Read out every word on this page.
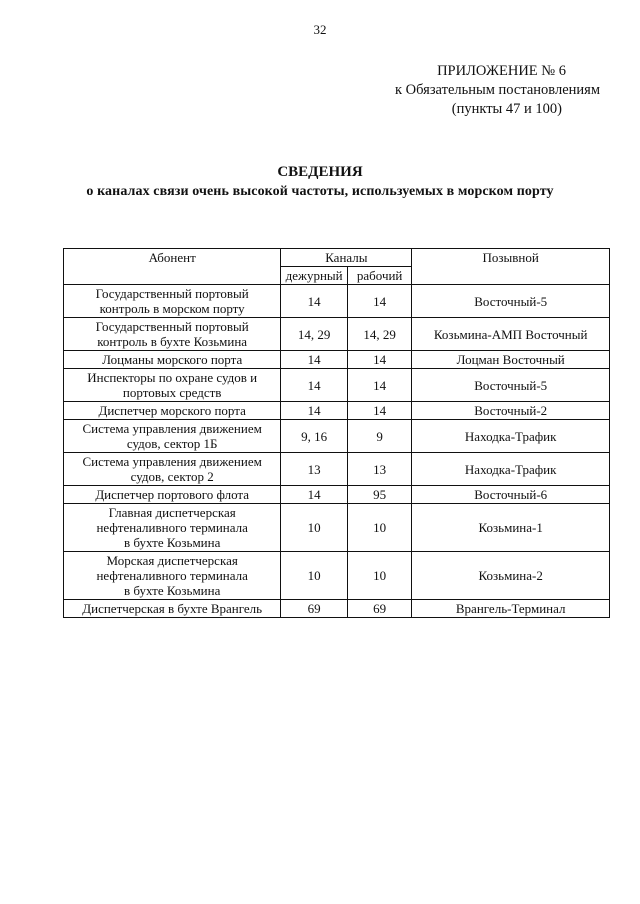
32
ПРИЛОЖЕНИЕ № 6
к Обязательным постановлениям
(пункты 47 и 100)
СВЕДЕНИЯ
о каналах связи очень высокой частоты, используемых в морском порту
Абонент	Каналы		Позывной
	дежурный	рабочий	

Государственный портовый
контроль в морском порту	14	14	Восточный-5

Государственный портовый
контроль в бухте Козьмина	14, 29	14, 29	Козьмина-АМП Восточный

Лоцманы морского порта	14	14	Лоцман Восточный

Инспекторы по охране судов и
портовых средств	14	14	Восточный-5

Диспетчер морского порта	14	14	Восточный-2

Система управления движением
судов, сектор 1Б	9, 16	9	Находка-Трафик

Система управления движением
судов, сектор 2	13	13	Находка-Трафик

Диспетчер портового флота	14	95	Восточный-6

Главная диспетчерская
нефтеналивного терминала
в бухте Козьмина	10	10	Козьмина-1

Морская диспетчерская
нефтеналивного терминала
в бухте Козьмина	10	10	Козьмина-2

Диспетчерская в бухте Врангель	69	69	Врангель-Терминал
